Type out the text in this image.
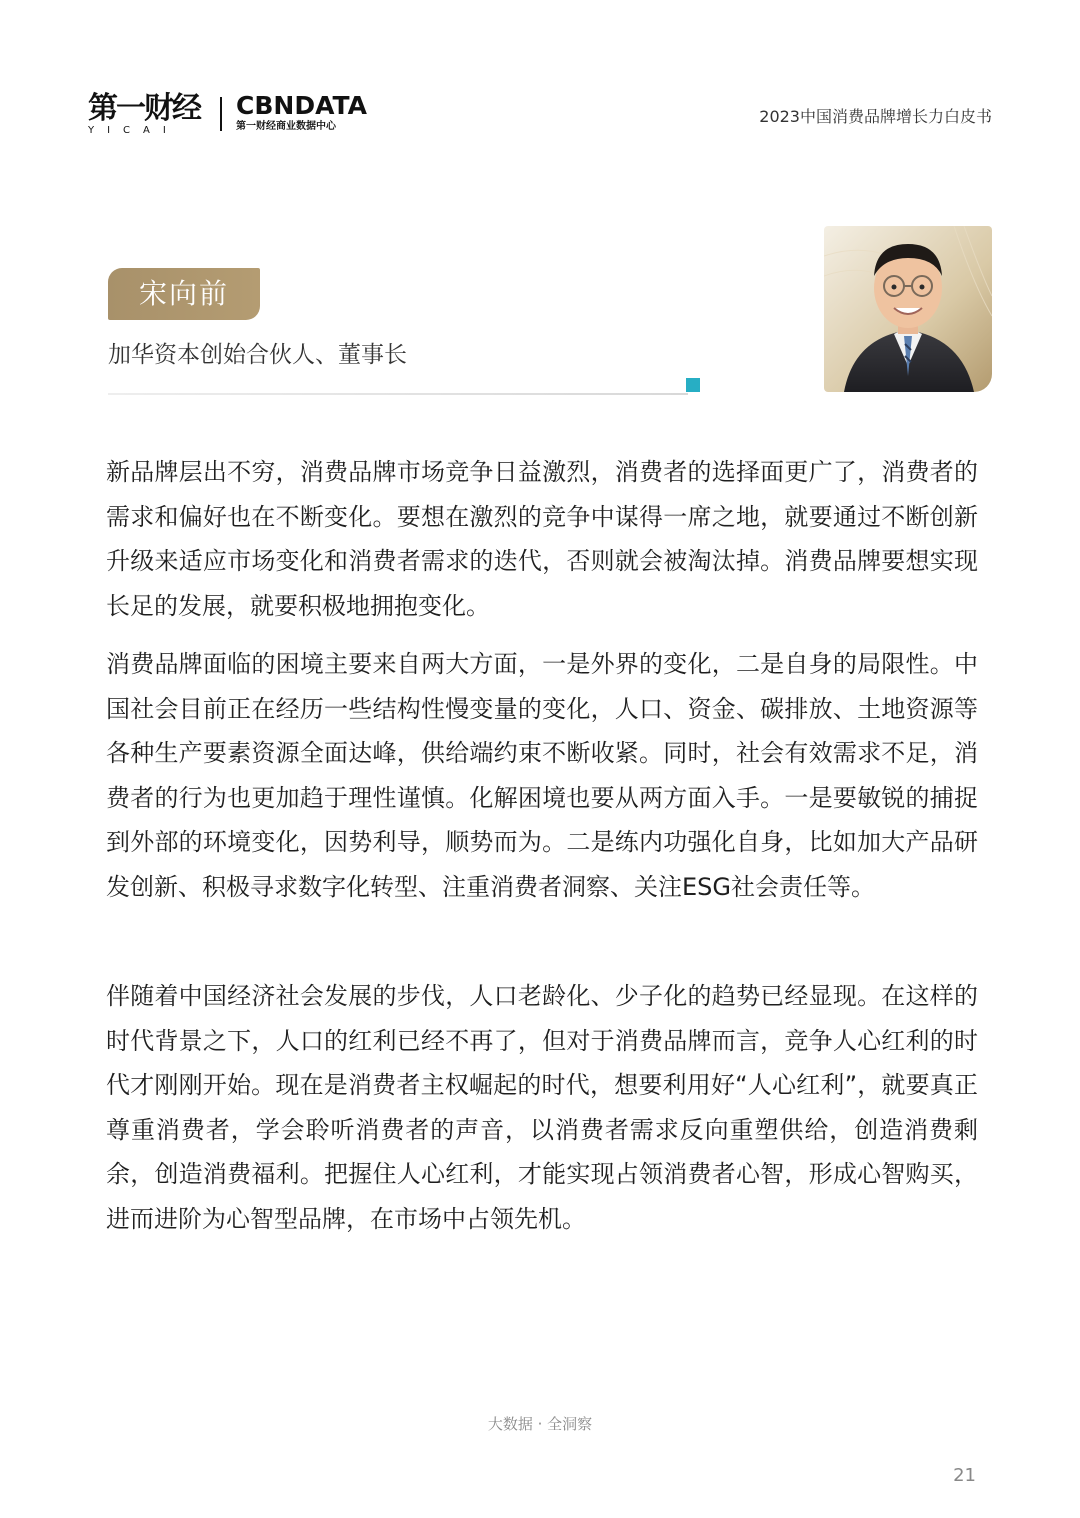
第一财经
YICAI
CBNDATA
第一财经商业数据中心
2023中国消费品牌增长力白皮书
宋向前
加华资本创始合伙人、董事长
新品牌层出不穷，消费品牌市场竞争日益激烈，消费者的选择面更广了，消费者的需求和偏好也在不断变化。要想在激烈的竞争中谋得一席之地，就要通过不断创新升级来适应市场变化和消费者需求的迭代，否则就会被淘汰掉。消费品牌要想实现长足的发展，就要积极地拥抱变化。
消费品牌面临的困境主要来自两大方面，一是外界的变化，二是自身的局限性。中国社会目前正在经历一些结构性慢变量的变化，人口、资金、碳排放、土地资源等各种生产要素资源全面达峰，供给端约束不断收紧。同时，社会有效需求不足，消费者的行为也更加趋于理性谨慎。化解困境也要从两方面入手。一是要敏锐的捕捉到外部的环境变化，因势利导，顺势而为。二是练内功强化自身，比如加大产品研发创新、积极寻求数字化转型、注重消费者洞察、关注ESG社会责任等。
伴随着中国经济社会发展的步伐，人口老龄化、少子化的趋势已经显现。在这样的时代背景之下，人口的红利已经不再了，但对于消费品牌而言，竞争人心红利的时代才刚刚开始。现在是消费者主权崛起的时代，想要利用好“人心红利”，就要真正尊重消费者，学会聆听消费者的声音，以消费者需求反向重塑供给，创造消费剩余，创造消费福利。把握住人心红利，才能实现占领消费者心智，形成心智购买，进而进阶为心智型品牌，在市场中占领先机。
大数据 · 全洞察
21
